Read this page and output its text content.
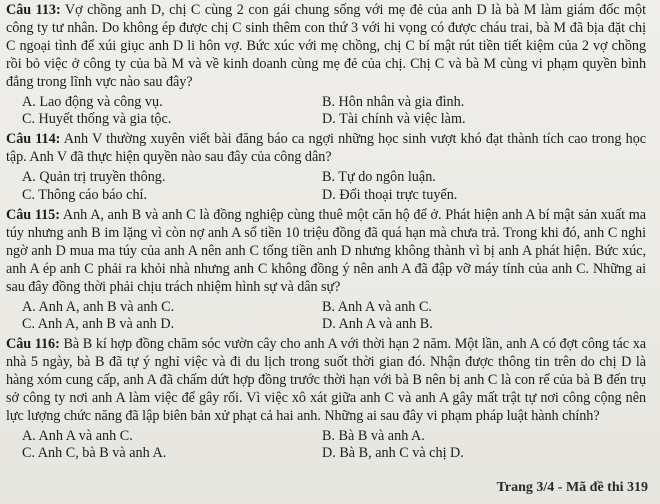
Câu 113: Vợ chồng anh D, chị C cùng 2 con gái chung sống với mẹ đẻ của anh D là bà M làm giám đốc một công ty tư nhân. Do không ép được chị C sinh thêm con thứ 3 với hi vọng có được cháu trai, bà M đã bịa đặt chị C ngoại tình để xúi giục anh D li hôn vợ. Bức xúc với mẹ chồng, chị C bí mật rút tiền tiết kiệm của 2 vợ chồng rồi bỏ việc ở công ty của bà M và về kinh doanh cùng mẹ đẻ của chị. Chị C và bà M cùng vi phạm quyền bình đẳng trong lĩnh vực nào sau đây?
A. Lao động và công vụ.	B. Hôn nhân và gia đình.
C. Huyết thống và gia tộc.	D. Tài chính và việc làm.
Câu 114: Anh V thường xuyên viết bài đăng báo ca ngợi những học sinh vượt khó đạt thành tích cao trong học tập. Anh V đã thực hiện quyền nào sau đây của công dân?
A. Quản trị truyền thông.	B. Tự do ngôn luận.
C. Thông cáo báo chí.	D. Đối thoại trực tuyến.
Câu 115: Anh A, anh B và anh C là đồng nghiệp cùng thuê một căn hộ để ở. Phát hiện anh A bí mật sản xuất ma túy nhưng anh B im lặng vì còn nợ anh A số tiền 10 triệu đồng đã quá hạn mà chưa trả. Trong khi đó, anh C nghi ngờ anh D mua ma túy của anh A nên anh C tống tiền anh D nhưng không thành vì bị anh A phát hiện. Bức xúc, anh A ép anh C phải ra khỏi nhà nhưng anh C không đồng ý nên anh A đã đập vỡ máy tính của anh C. Những ai sau đây đồng thời phải chịu trách nhiệm hình sự và dân sự?
A. Anh A, anh B và anh C.	B. Anh A và anh C.
C. Anh A, anh B và anh D.	D. Anh A và anh B.
Câu 116: Bà B kí hợp đồng chăm sóc vườn cây cho anh A với thời hạn 2 năm. Một lần, anh A có đợt công tác xa nhà 5 ngày, bà B đã tự ý nghỉ việc và đi du lịch trong suốt thời gian đó. Nhận được thông tin trên do chị D là hàng xóm cung cấp, anh A đã chấm dứt hợp đồng trước thời hạn với bà B nên bị anh C là con rể của bà B đến trụ sở công ty nơi anh A làm việc để gây rối. Vì việc xô xát giữa anh C và anh A gây mất trật tự nơi công cộng nên lực lượng chức năng đã lập biên bản xử phạt cả hai anh. Những ai sau đây vi phạm pháp luật hành chính?
A. Anh A và anh C.	B. Bà B và anh A.
C. Anh C, bà B và anh A.	D. Bà B, anh C và chị D.
Trang 3/4 - Mã đề thi 319
